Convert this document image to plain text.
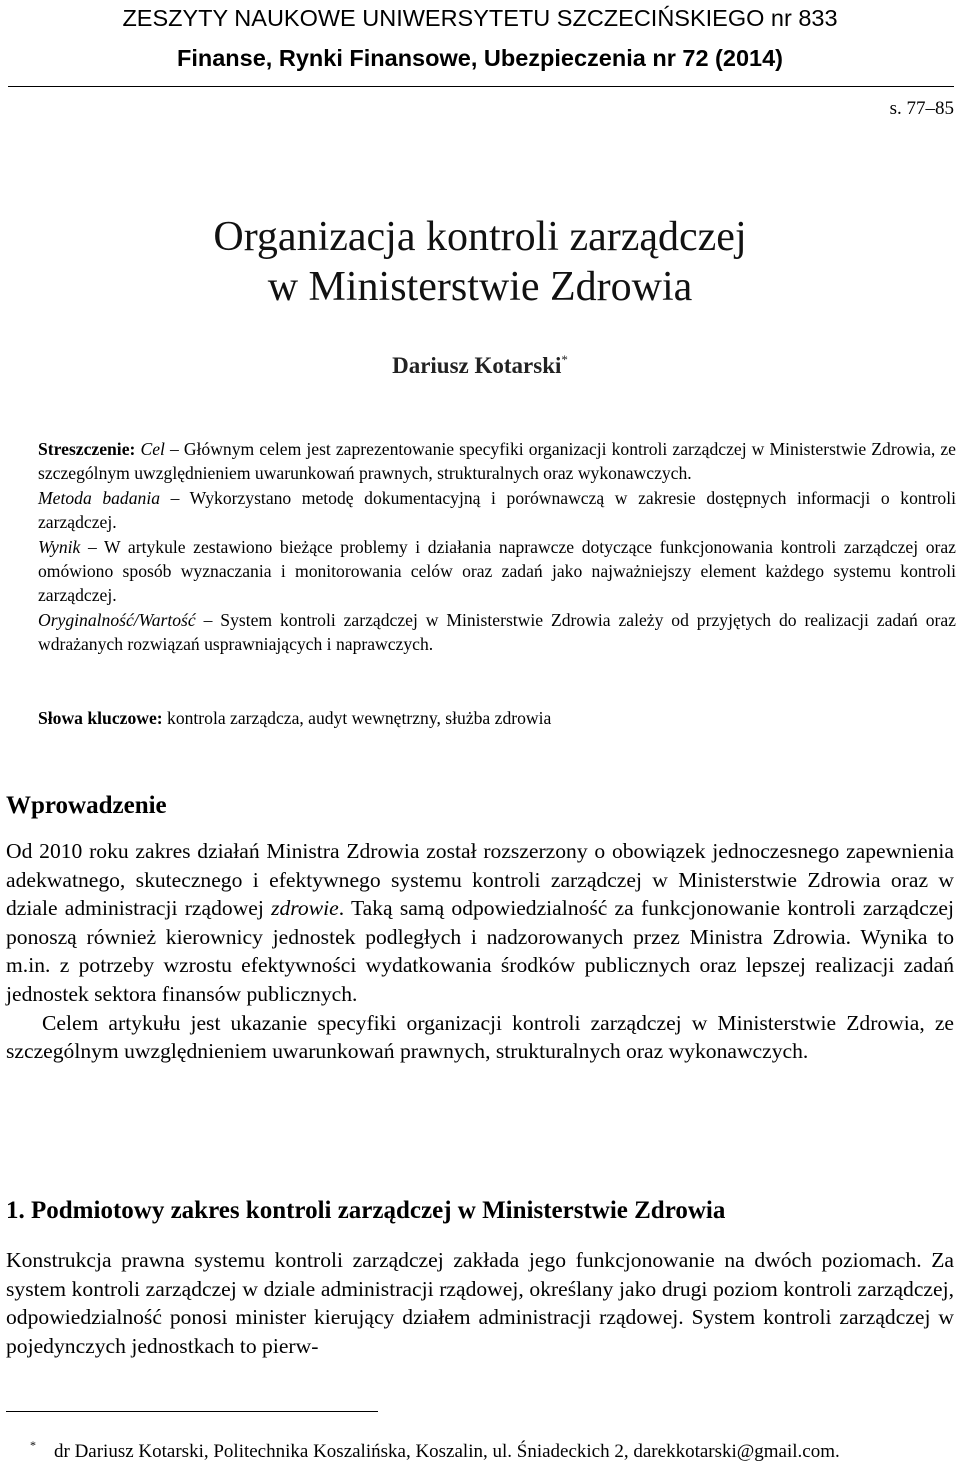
ZESZYTY NAUKOWE UNIWERSYTETU SZCZECIŃSKIEGO nr 833
Finanse, Rynki Finansowe, Ubezpieczenia nr 72 (2014)
s. 77–85
Organizacja kontroli zarządczej
w Ministerstwie Zdrowia
Dariusz Kotarski*

Streszczenie: Cel – Głównym celem jest zaprezentowanie specyfiki organizacji kontroli zarządczej w Ministerstwie Zdrowia, ze szczególnym uwzględnieniem uwarunkowań prawnych, strukturalnych oraz wykonawczych.

Metoda badania – Wykorzystano metodę dokumentacyjną i porównawczą w zakresie dostępnych informacji o kontroli zarządczej.

Wynik – W artykule zestawiono bieżące problemy i działania naprawcze dotyczące funkcjonowania kontroli zarządczej oraz omówiono sposób wyznaczania i monitorowania celów oraz zadań jako najważniejszy element każdego systemu kontroli zarządczej.

Oryginalność/Wartość – System kontroli zarządczej w Ministerstwie Zdrowia zależy od przyjętych do realizacji zadań oraz wdrażanych rozwiązań usprawniających i naprawczych.

Słowa kluczowe: kontrola zarządcza, audyt wewnętrzny, służba zdrowia
Wprowadzenie

Od 2010 roku zakres działań Ministra Zdrowia został rozszerzony o obowiązek jednoczesnego zapewnienia adekwatnego, skutecznego i efektywnego systemu kontroli zarządczej w Ministerstwie Zdrowia oraz w dziale administracji rządowej zdrowie. Taką samą odpowiedzialność za funkcjonowanie kontroli zarządczej ponoszą również kierownicy jednostek podległych i nadzorowanych przez Ministra Zdrowia. Wynika to m.in. z potrzeby wzrostu efektywności wydatkowania środków publicznych oraz lepszej realizacji zadań jednostek sektora finansów publicznych.

Celem artykułu jest ukazanie specyfiki organizacji kontroli zarządczej w Ministerstwie Zdrowia, ze szczególnym uwzględnieniem uwarunkowań prawnych, strukturalnych oraz wykonawczych.

1. Podmiotowy zakres kontroli zarządczej w Ministerstwie Zdrowia

Konstrukcja prawna systemu kontroli zarządczej zakłada jego funkcjonowanie na dwóch poziomach. Za system kontroli zarządczej w dziale administracji rządowej, określany jako drugi poziom kontroli zarządczej, odpowiedzialność ponosi minister kierujący działem administracji rządowej. System kontroli zarządczej w pojedynczych jednostkach to pierw-

* dr Dariusz Kotarski, Politechnika Koszalińska, Koszalin, ul. Śniadeckich 2, darekkotarski@gmail.com.
